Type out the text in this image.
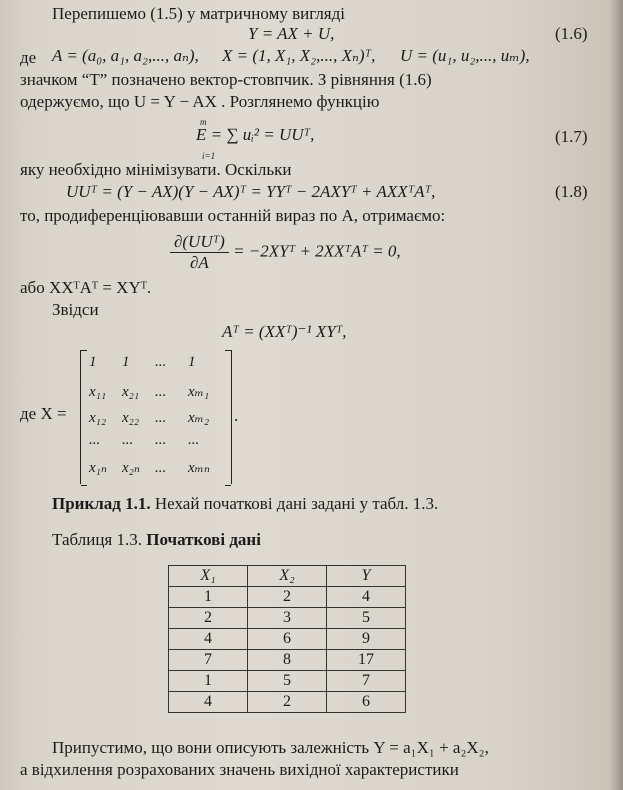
Перепишемо (1.5) у матричному вигляді
Y = AX + U,	(1.6)
де A = (a₀, a₁, a₂,..., aₙ), X = (1, X₁, X₂,..., Xₙ)ᵀ, U = (u₁, u₂,..., uₘ),
значком “T” позначено вектор-стовпчик. З рівняння (1.6)
одержуємо, що U = Y − AX . Розглянемо функцію
m
E = ∑ uᵢ² = UUᵀ,
i=1
(1.7)
яку необхідно мінімізувати. Оскільки
UUᵀ = (Y − AX)(Y − AX)ᵀ = YYᵀ − 2AXYᵀ + AXXᵀAᵀ,	(1.8)
то, продиференціювавши останній вираз по A, отримаємо:
$\frac{\text{∂(UUᵀ)}}{\partial A}$ = −2XYᵀ + 2XXᵀAᵀ = 0,
або XXᵀAᵀ = XYᵀ.
Звідси
Aᵀ = (XXᵀ)⁻¹ XYᵀ,
де X =
1 1 ... 1
x₁₁ x₂₁ ... xₘ₁
x₁₂ x₂₂ ... xₘ₂
... ... ... ...
x₁ₙ x₂ₙ ... xₘₙ
.
Приклад 1.1. Нехай початкові дані задані у табл. 1.3.
Таблиця 1.3. Початкові дані
X₁	X₂	Y
1	2	4
2	3	5
4	6	9
7	8	17
1	5	7
4	2	6
Припустимо, що вони описують залежність Y = a₁X₁ + a₂X₂,
а відхилення розрахованих значень вихідної характеристики
